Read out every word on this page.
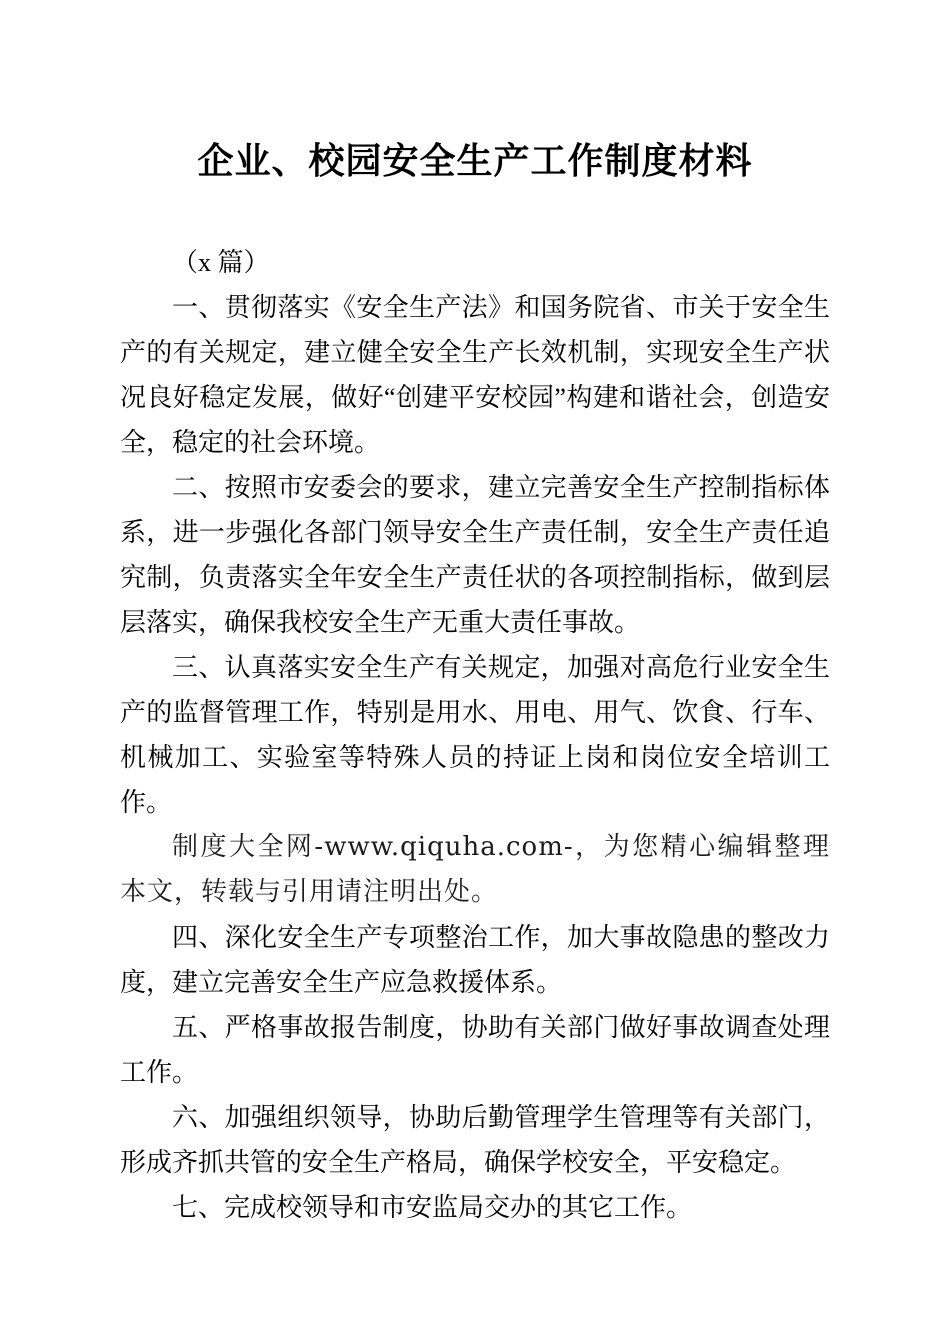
企业、校园安全生产工作制度材料

（x 篇）

一、贯彻落实《安全生产法》和国务院省、市关于安全生产的有关规定，建立健全安全生产长效机制，实现安全生产状况良好稳定发展，做好“创建平安校园”构建和谐社会，创造安全，稳定的社会环境。

二、按照市安委会的要求，建立完善安全生产控制指标体系，进一步强化各部门领导安全生产责任制，安全生产责任追究制，负责落实全年安全生产责任状的各项控制指标，做到层层落实，确保我校安全生产无重大责任事故。

三、认真落实安全生产有关规定，加强对高危行业安全生产的监督管理工作，特别是用水、用电、用气、饮食、行车、机械加工、实验室等特殊人员的持证上岗和岗位安全培训工作。

制度大全网-www.qiquha.com-，为您精心编辑整理本文，转载与引用请注明出处。

四、深化安全生产专项整治工作，加大事故隐患的整改力度，建立完善安全生产应急救援体系。

五、严格事故报告制度，协助有关部门做好事故调查处理工作。

六、加强组织领导，协助后勤管理学生管理等有关部门，形成齐抓共管的安全生产格局，确保学校安全，平安稳定。

七、完成校领导和市安监局交办的其它工作。
